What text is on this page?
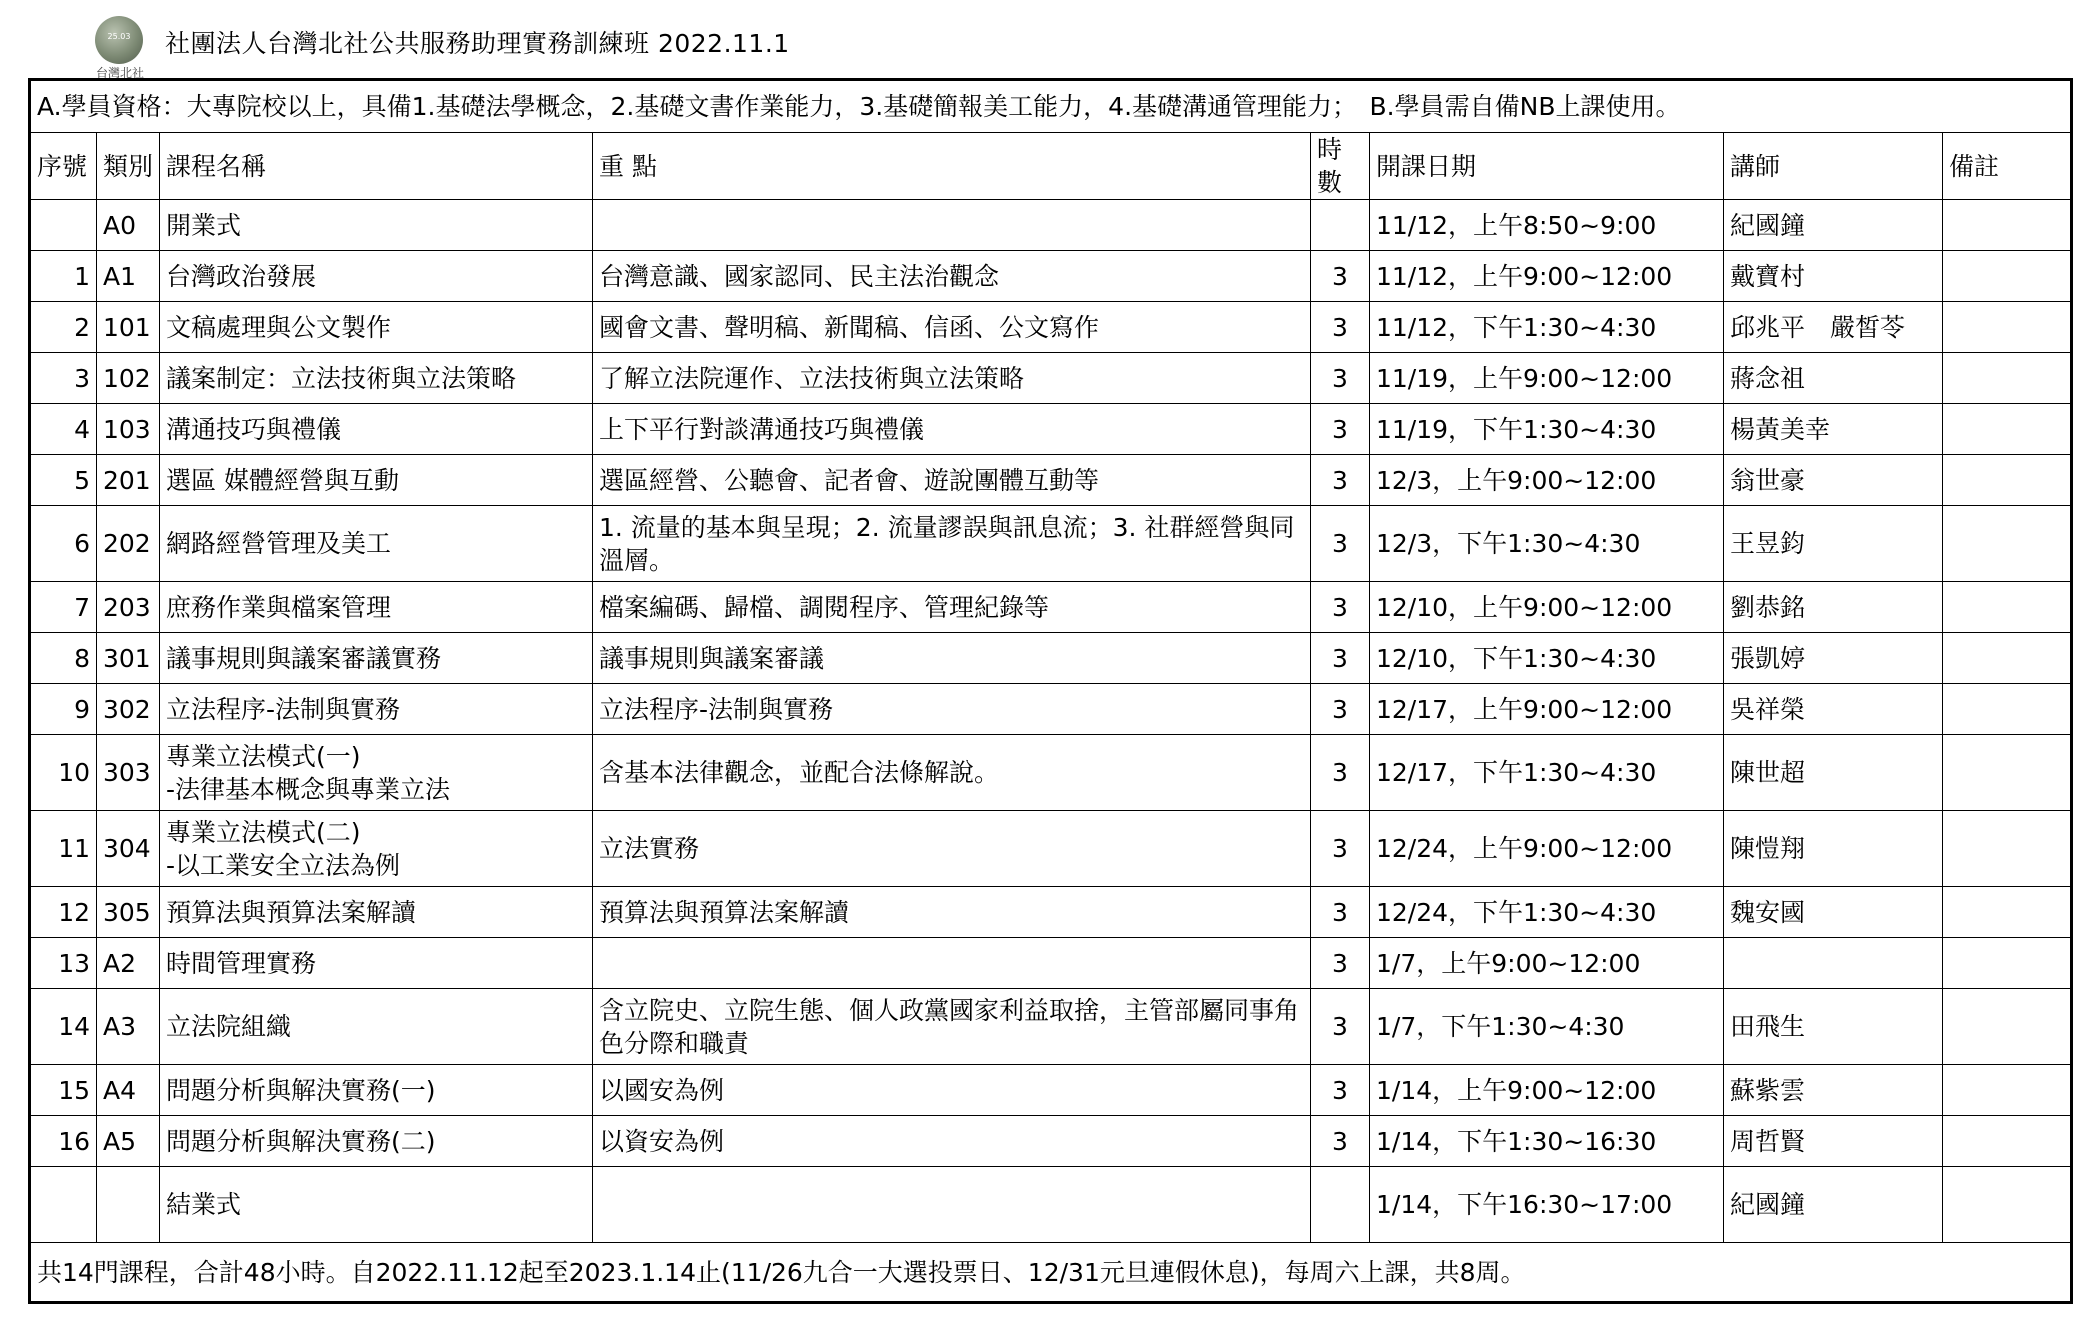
25.03
台灣北社
社團法人台灣北社公共服務助理實務訓練班 2022.11.1
A.學員資格：大專院校以上，具備1.基礎法學概念，2.基礎文書作業能力，3.基礎簡報美工能力，4.基礎溝通管理能力；　B.學員需自備NB上課使用。							
序號	類別	課程名稱	重 點	時數	開課日期	講師	備註
	A0	開業式			11/12，上午8:50~9:00	紀國鐘	
1	A1	台灣政治發展	台灣意識、國家認同、民主法治觀念	3	11/12，上午9:00~12:00	戴寶村	
2	101	文稿處理與公文製作	國會文書、聲明稿、新聞稿、信函、公文寫作	3	11/12，下午1:30~4:30	邱兆平　嚴皙苓	
3	102	議案制定：立法技術與立法策略	了解立法院運作、立法技術與立法策略	3	11/19，上午9:00~12:00	蔣念祖	
4	103	溝通技巧與禮儀	上下平行對談溝通技巧與禮儀	3	11/19，下午1:30~4:30	楊黃美幸	
5	201	選區 媒體經營與互動	選區經營、公聽會、記者會、遊說團體互動等	3	12/3，上午9:00~12:00	翁世豪	
6	202	網路經營管理及美工	1. 流量的基本與呈現；2. 流量謬誤與訊息流；3. 社群經營與同溫層。	3	12/3，下午1:30~4:30	王昱鈞	
7	203	庶務作業與檔案管理	檔案編碼、歸檔、調閱程序、管理紀錄等	3	12/10，上午9:00~12:00	劉恭銘	
8	301	議事規則與議案審議實務	議事規則與議案審議	3	12/10，下午1:30~4:30	張凱婷	
9	302	立法程序-法制與實務	立法程序-法制與實務	3	12/17，上午9:00~12:00	吳祥榮	
10	303	專業立法模式(一)
-法律基本概念與專業立法	含基本法律觀念，並配合法條解說。	3	12/17，下午1:30~4:30	陳世超	
11	304	專業立法模式(二)
-以工業安全立法為例	立法實務	3	12/24，上午9:00~12:00	陳愷翔	
12	305	預算法與預算法案解讀	預算法與預算法案解讀	3	12/24，下午1:30~4:30	魏安國	
13	A2	時間管理實務		3	1/7，上午9:00~12:00		
14	A3	立法院組織	含立院史、立院生態、個人政黨國家利益取捨，主管部屬同事角色分際和職責	3	1/7，下午1:30~4:30	田飛生	
15	A4	問題分析與解決實務(一)	以國安為例	3	1/14，上午9:00~12:00	蘇紫雲	
16	A5	問題分析與解決實務(二)	以資安為例	3	1/14，下午1:30~16:30	周哲賢	
		結業式			1/14，下午16:30~17:00	紀國鐘	
共14門課程，合計48小時。自2022.11.12起至2023.1.14止(11/26九合一大選投票日、12/31元旦連假休息)，每周六上課，共8周。							
